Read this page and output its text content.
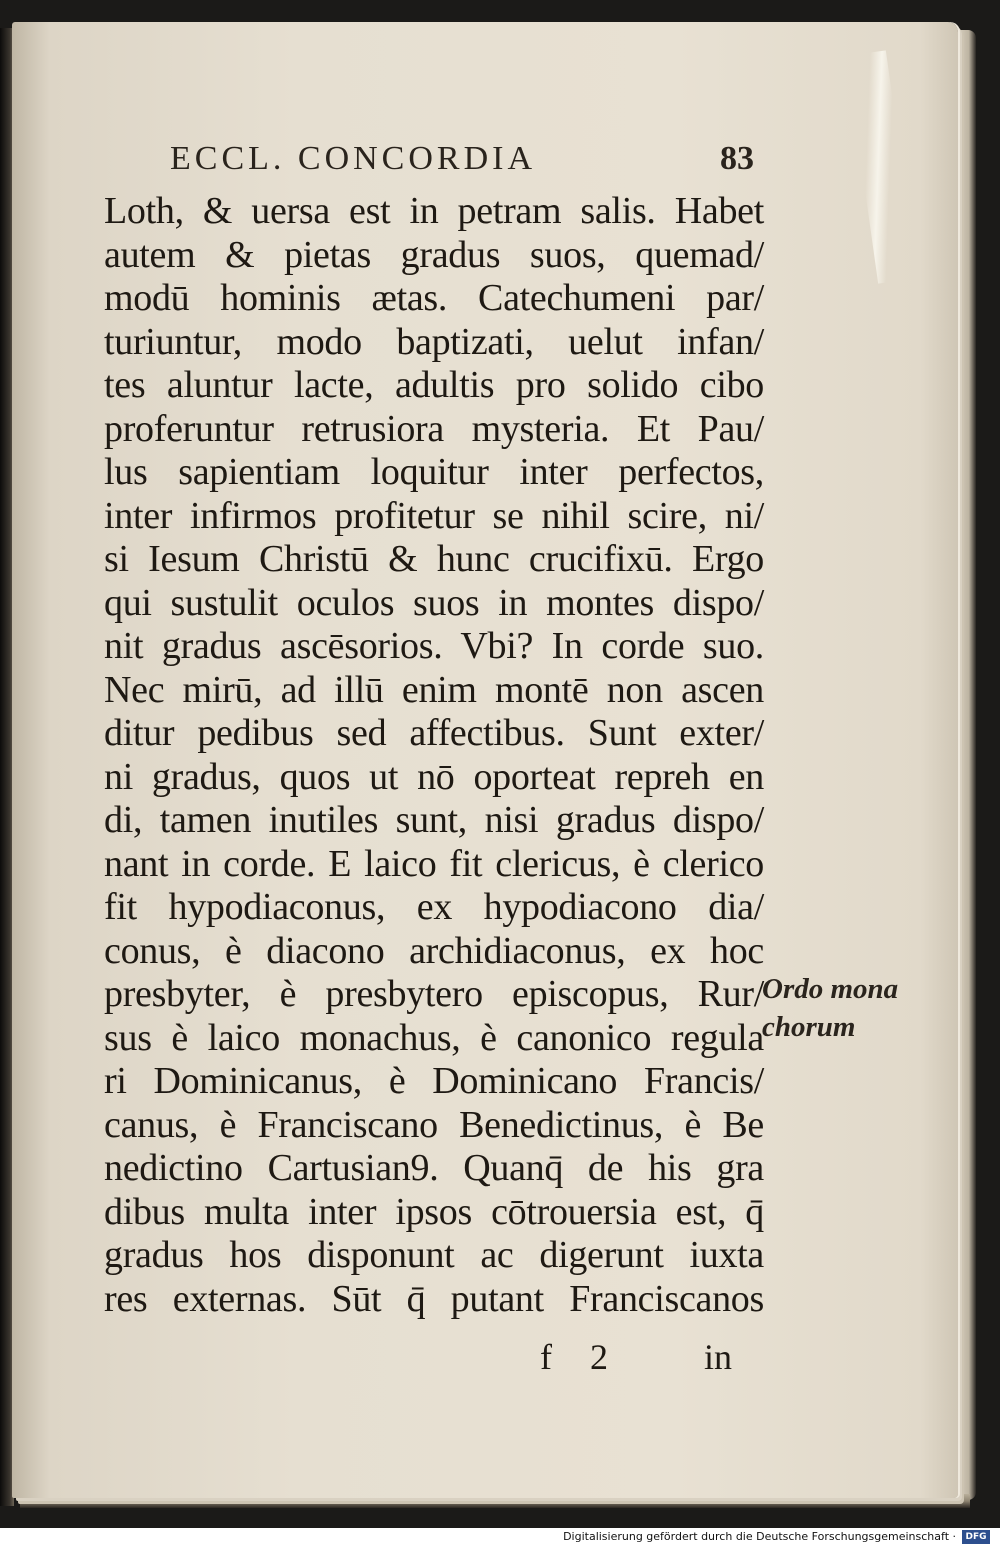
ECCL. CONCORDIA	83
Loth, & uersa est in petram salis. Habet
autem & pietas gradus suos, quemad/
modū hominis ætas. Catechumeni par/
turiuntur, modo baptizati, uelut infan/
tes aluntur lacte, adultis pro solido cibo
proferuntur retrusiora mysteria. Et Pau/
lus sapientiam loquitur inter perfectos,
inter infirmos profitetur se nihil scire, ni/
si Iesum Christū & hunc crucifixū. Ergo
qui sustulit oculos suos in montes dispo/
nit gradus ascēsorios. Vbi? In corde suo.
Nec mirū, ad illū enim montē non ascen
ditur pedibus sed affectibus. Sunt exter/
ni gradus, quos ut nō oporteat repreh en
di, tamen inutiles sunt, nisi gradus dispo/
nant in corde. E laico fit clericus, è clerico
fit hypodiaconus, ex hypodiacono dia/
conus, è diacono archidiaconus, ex hoc
presbyter, è presbytero episcopus, Rur/
sus è laico monachus, è canonico regula
ri Dominicanus, è Dominicano Francis/
canus, è Franciscano Benedictinus, è Be
nedictino Cartusian9. Quanq̄ de his gra
dibus multa inter ipsos cōtrouersia est, q̄
gradus hos disponunt ac digerunt iuxta
res externas. Sūt q̄ putant Franciscanos
Ordo mona
chorum
f 2	in
Digitalisierung gefördert durch die Deutsche Forschungsgemeinschaft ·	DFG
